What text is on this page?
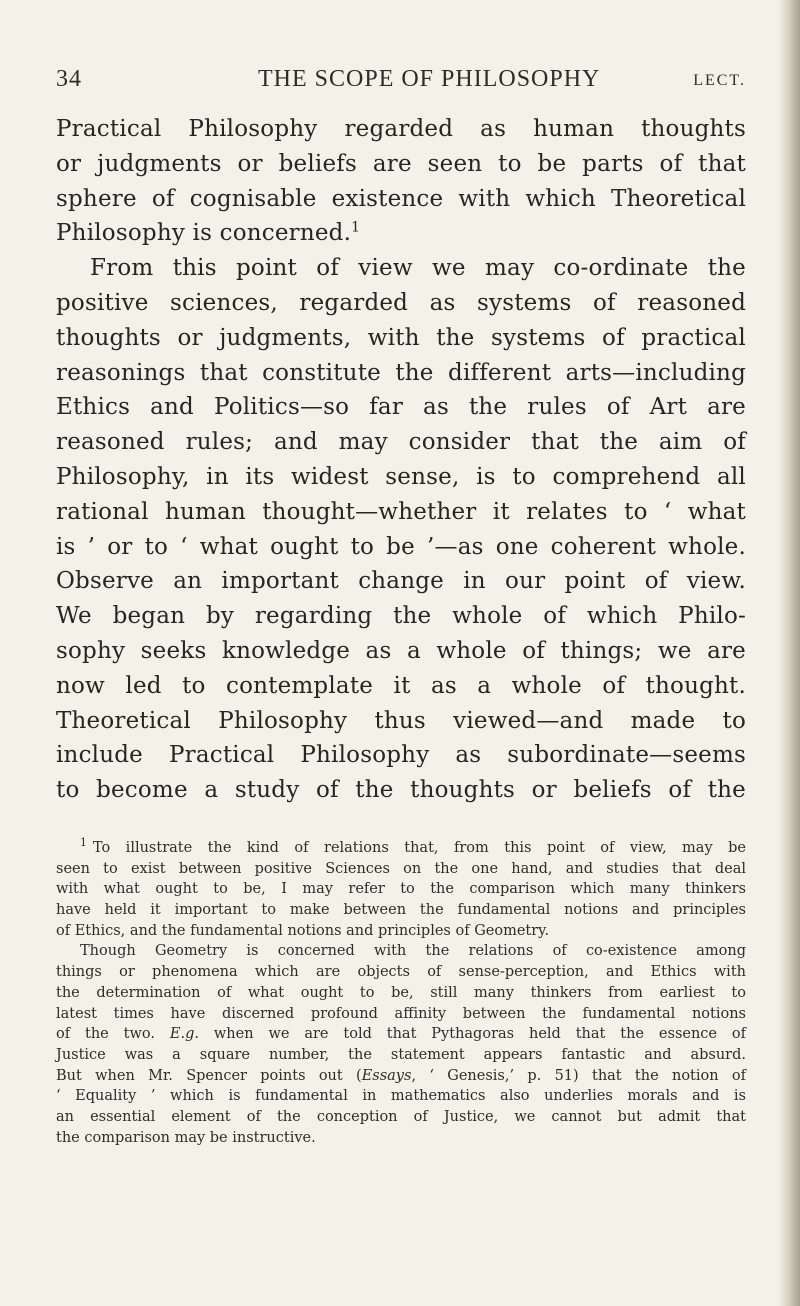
34	THE SCOPE OF PHILOSOPHY	LECT.
Practical Philosophy regarded as human thoughts
or judgments or beliefs are seen to be parts of that
sphere of cognisable existence with which Theoretical
Philosophy is concerned.$^1$
From this point of view we may co-ordinate the
positive sciences, regarded as systems of reasoned
thoughts or judgments, with the systems of practical
reasonings that constitute the different arts—including
Ethics and Politics—so far as the rules of Art are
reasoned rules; and may consider that the aim of
Philosophy, in its widest sense, is to comprehend all
rational human thought—whether it relates to ‘ what
is ’ or to ‘ what ought to be ’—as one coherent whole.
Observe an important change in our point of view.
We began by regarding the whole of which Philo-
sophy seeks knowledge as a whole of things; we are
now led to contemplate it as a whole of thought.
Theoretical Philosophy thus viewed—and made to
include Practical Philosophy as subordinate—seems
to become a study of the thoughts or beliefs of the
$^1$ To illustrate the kind of relations that, from this point of view, may be
seen to exist between positive Sciences on the one hand, and studies that deal
with what ought to be, I may refer to the comparison which many thinkers
have held it important to make between the fundamental notions and principles
of Ethics, and the fundamental notions and principles of Geometry.
Though Geometry is concerned with the relations of co-existence among
things or phenomena which are objects of sense-perception, and Ethics with
the determination of what ought to be, still many thinkers from earliest to
latest times have discerned profound affinity between the fundamental notions
of the two. E.g. when we are told that Pythagoras held that the essence of
Justice was a square number, the statement appears fantastic and absurd.
But when Mr. Spencer points out (Essays, ‘ Genesis,’ p. 51) that the notion of
‘ Equality ’ which is fundamental in mathematics also underlies morals and is
an essential element of the conception of Justice, we cannot but admit that
the comparison may be instructive.
